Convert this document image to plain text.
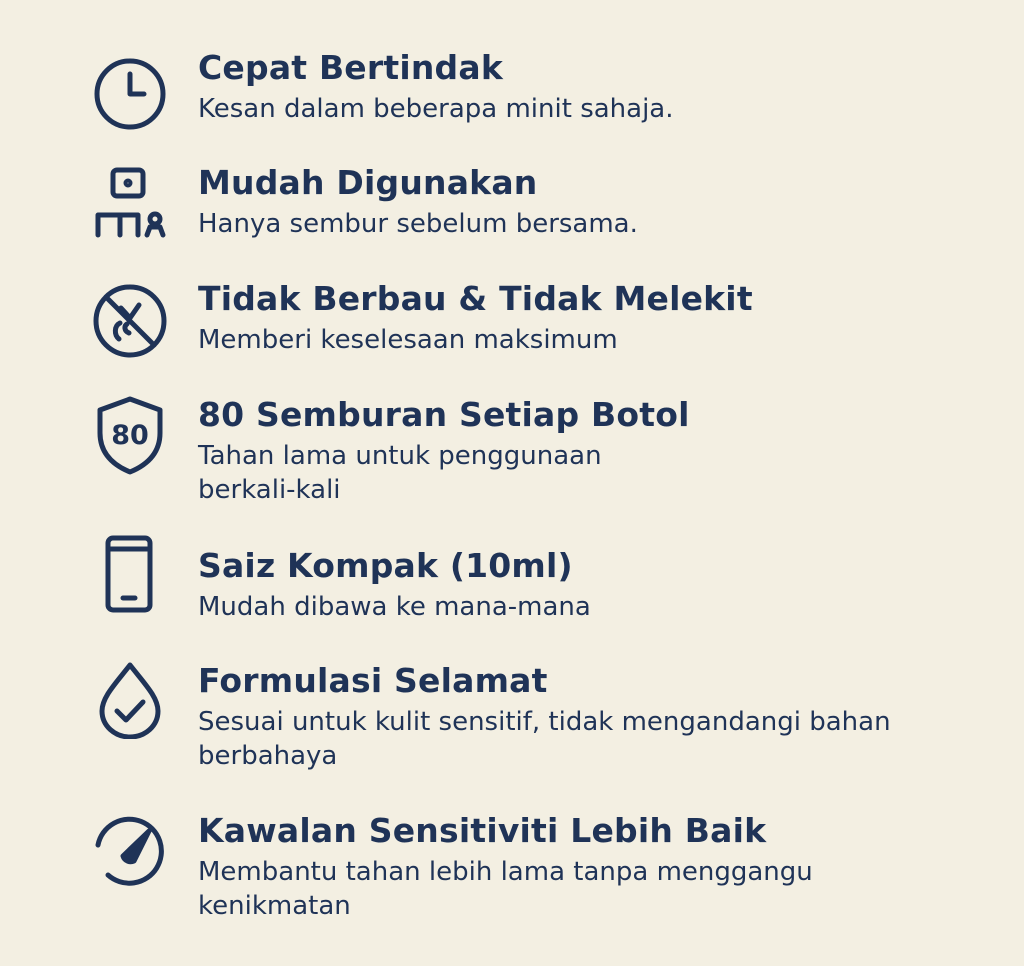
Cepat Bertindak
Kesan dalam beberapa minit sahaja.
Mudah Digunakan
Hanya sembur sebelum bersama.
Tidak Berbau & Tidak Melekit
Memberi keselesaan maksimum
80
80 Semburan Setiap Botol
Tahan lama untuk penggunaan berkali-kali
Saiz Kompak (10ml)
Mudah dibawa ke mana-mana
Formulasi Selamat
Sesuai untuk kulit sensitif, tidak mengandangi bahan berbahaya
Kawalan Sensitiviti Lebih Baik
Membantu tahan lebih lama tanpa menggangu kenikmatan
